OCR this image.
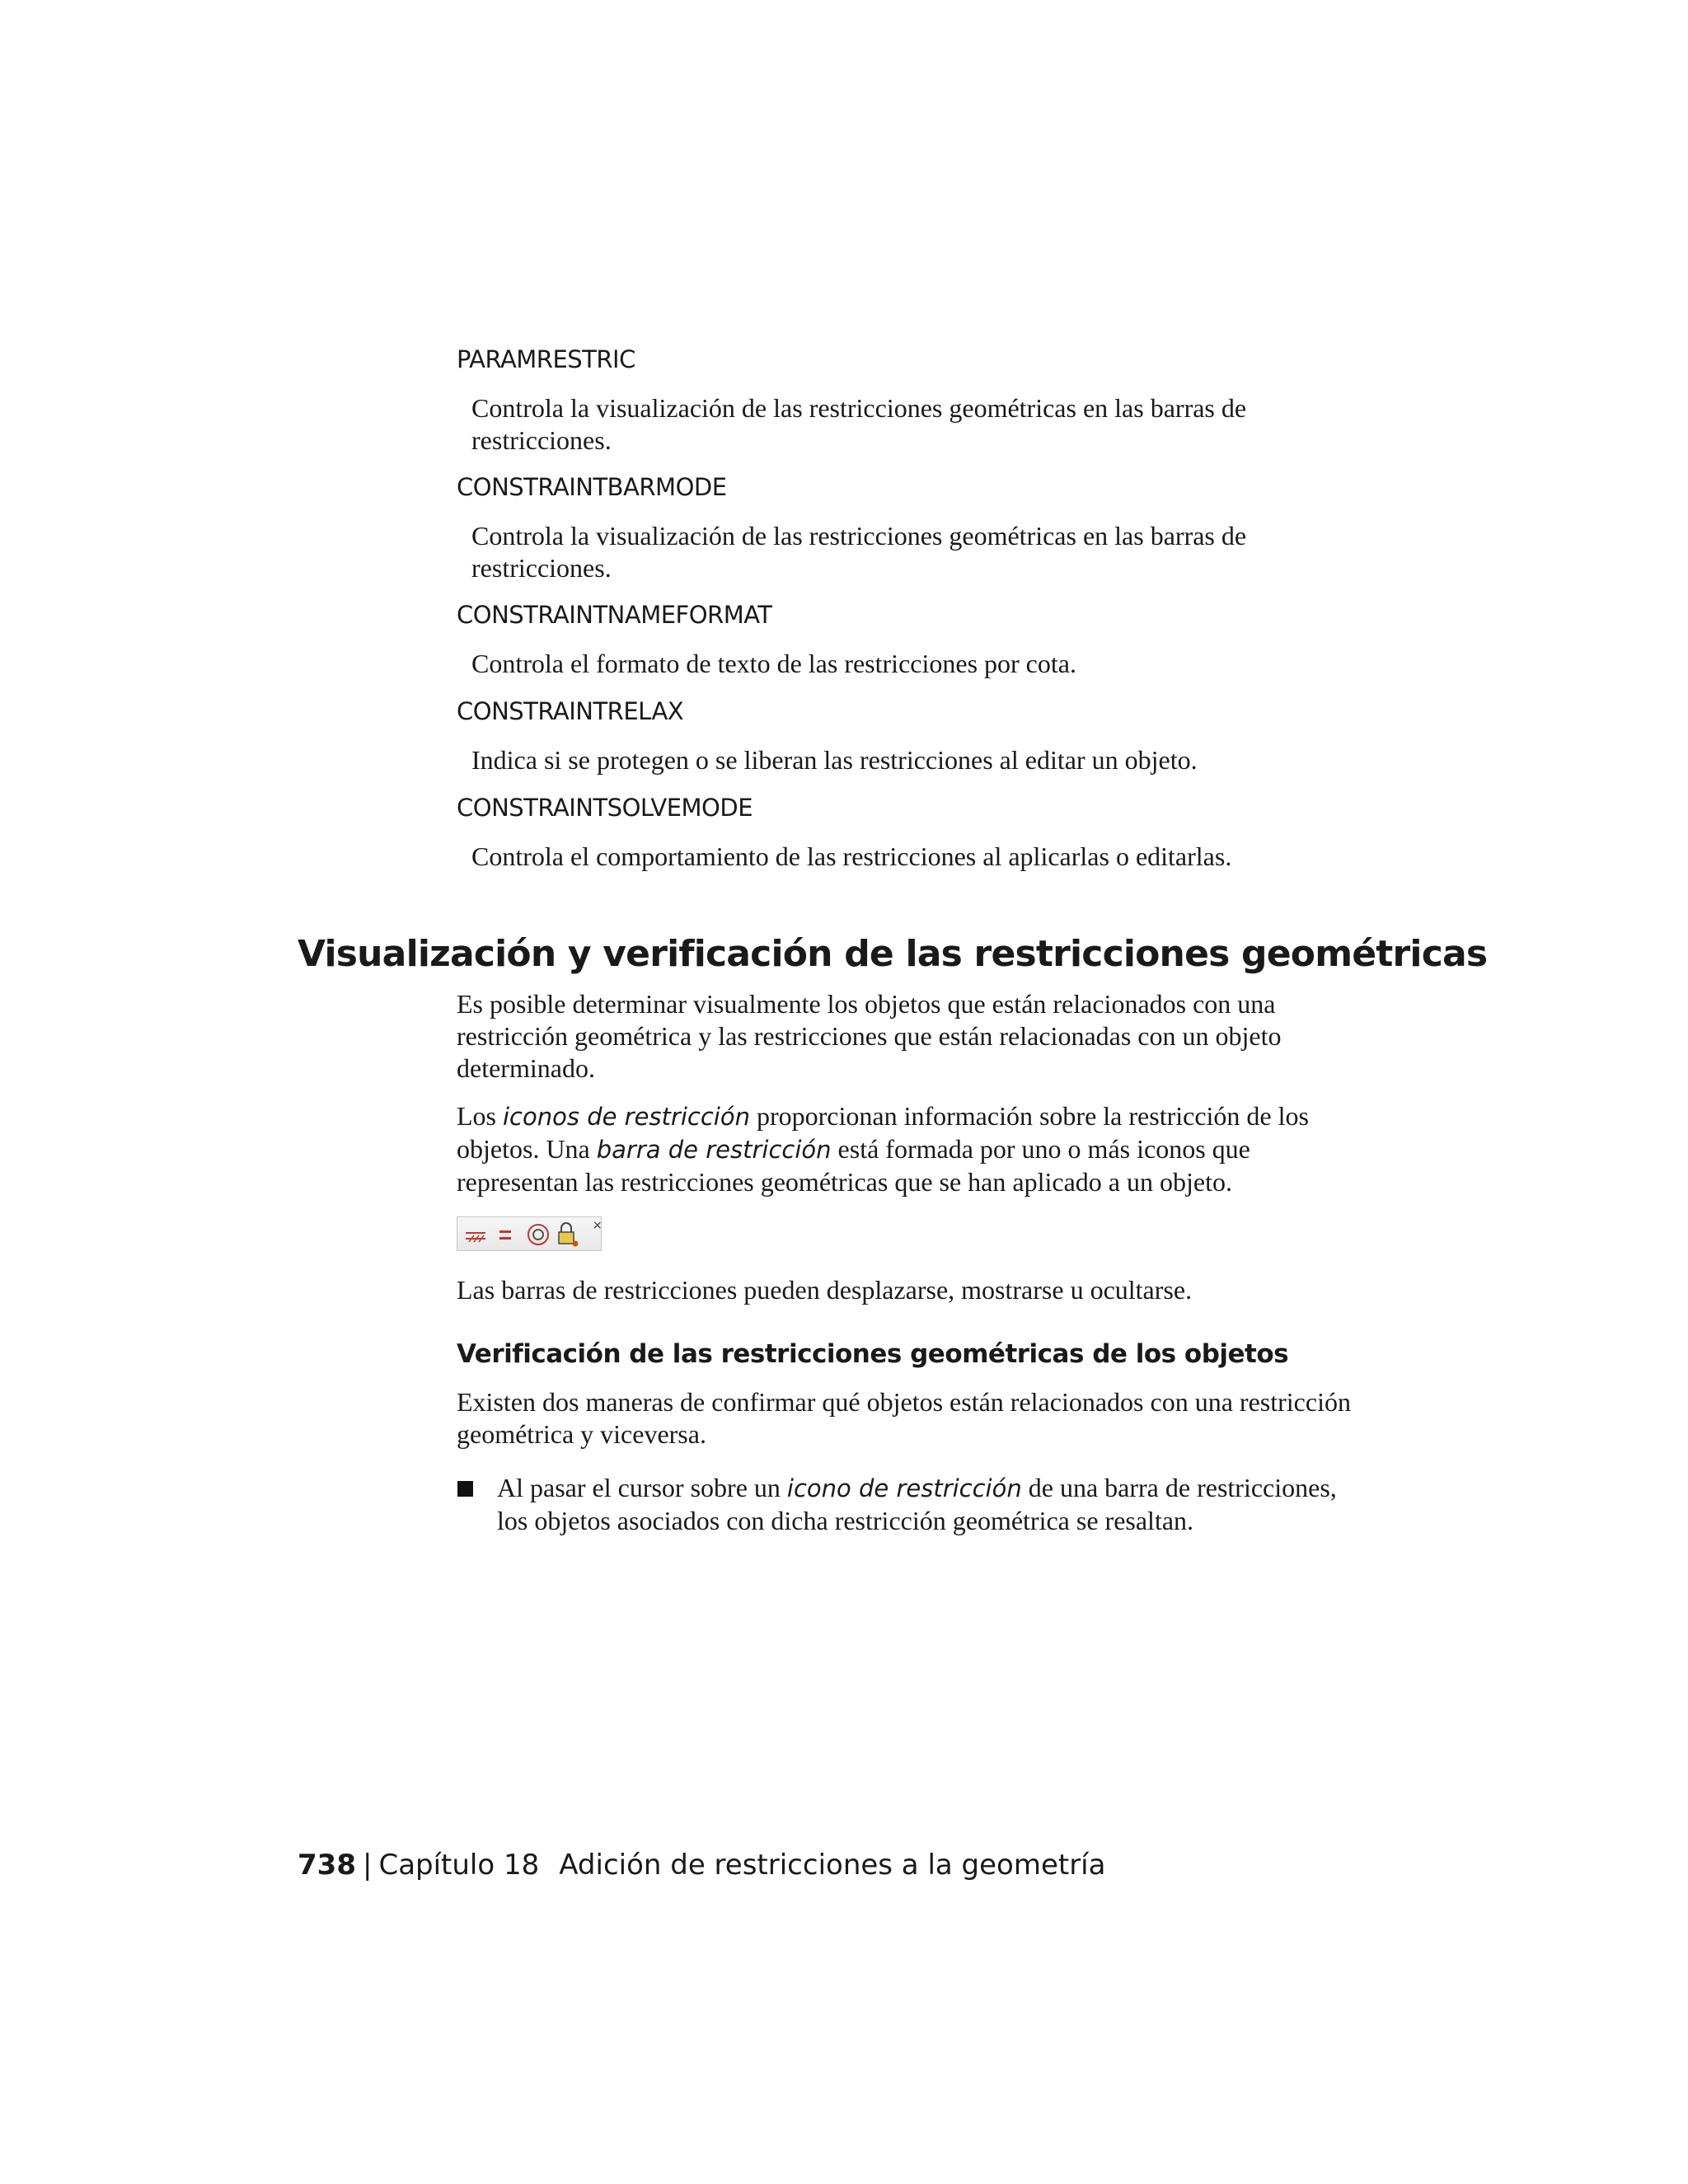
PARAMRESTRIC
Controla la visualización de las restricciones geométricas en las barras de restricciones.
CONSTRAINTBARMODE
Controla la visualización de las restricciones geométricas en las barras de restricciones.
CONSTRAINTNAMEFORMAT
Controla el formato de texto de las restricciones por cota.
CONSTRAINTRELAX
Indica si se protegen o se liberan las restricciones al editar un objeto.
CONSTRAINTSOLVEMODE
Controla el comportamiento de las restricciones al aplicarlas o editarlas.
Visualización y verificación de las restricciones geométricas
Es posible determinar visualmente los objetos que están relacionados con una restricción geométrica y las restricciones que están relacionadas con un objeto determinado.
Los iconos de restricción proporcionan información sobre la restricción de los objetos. Una barra de restricción está formada por uno o más iconos que representan las restricciones geométricas que se han aplicado a un objeto.
×
Las barras de restricciones pueden desplazarse, mostrarse u ocultarse.
Verificación de las restricciones geométricas de los objetos
Existen dos maneras de confirmar qué objetos están relacionados con una restricción geométrica y viceversa.
Al pasar el cursor sobre un icono de restricción de una barra de restricciones, los objetos asociados con dicha restricción geométrica se resaltan.
738 | Capítulo 18 Adición de restricciones a la geometría
